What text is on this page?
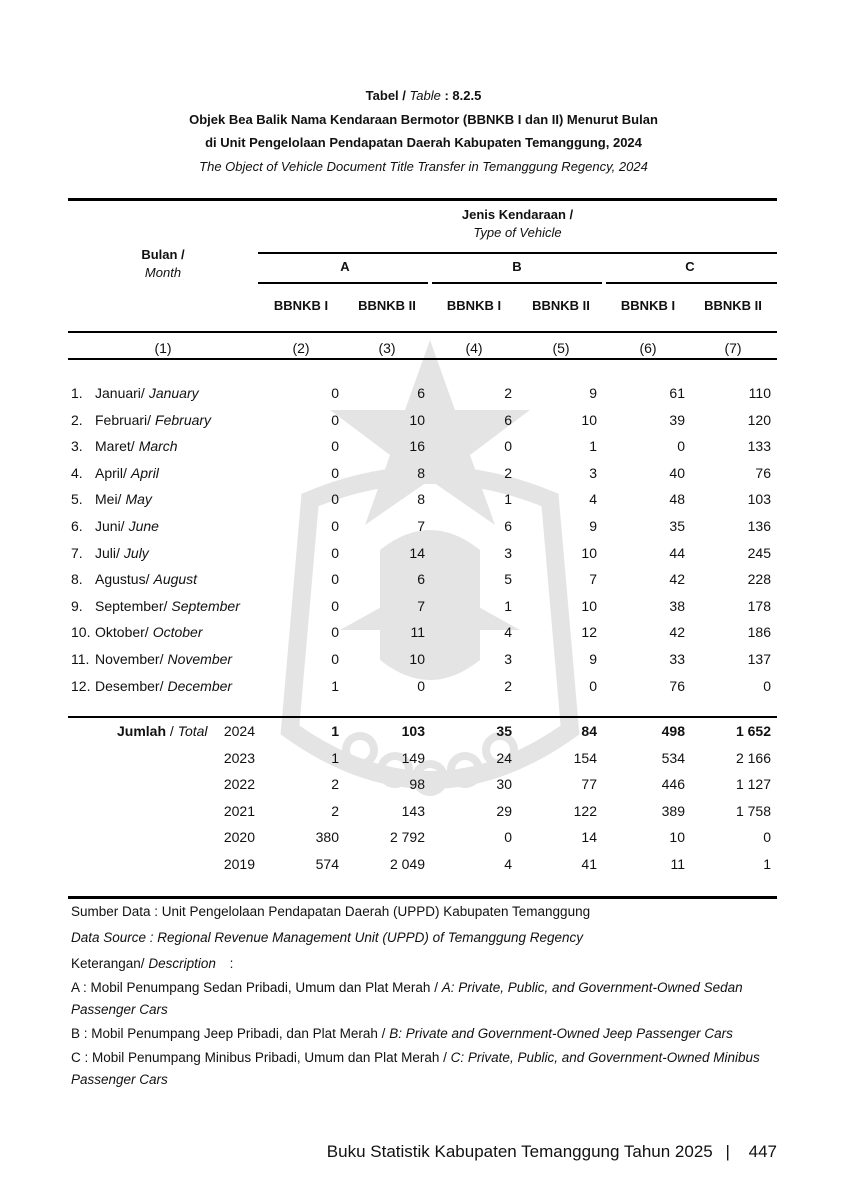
Tabel / Table : 8.2.5
Objek Bea Balik Nama Kendaraan Bermotor (BBNKB I dan II) Menurut Bulan
di Unit Pengelolaan Pendapatan Daerah Kabupaten Temanggung, 2024
The Object of Vehicle Document Title Transfer in Temanggung Regency, 2024
Jenis Kendaraan /
Type of Vehicle
Bulan /
Month	A	B	C
BBNKB I	BBNKB II	BBNKB I	BBNKB II	BBNKB I	BBNKB II
(1)	(2)	(3)	(4)	(5)	(6)	(7)
1. Januari/ January	0	6	2	9	61	110
2. Februari/ February	0	10	6	10	39	120
3. Maret/ March	0	16	0	1	0	133
4. April/ April	0	8	2	3	40	76
5. Mei/ May	0	8	1	4	48	103
6. Juni/ June	0	7	6	9	35	136
7. Juli/ July	0	14	3	10	44	245
8. Agustus/ August	0	6	5	7	42	228
9. September/ September	0	7	1	10	38	178
10. Oktober/ October	0	11	4	12	42	186
11. November/ November	0	10	3	9	33	137
12. Desember/ December	1	0	2	0	76	0
Jumlah / Total	2024	1	103	35	84	498	1 652
2023	1	149	24	154	534	2 166
2022	2	98	30	77	446	1 127
2021	2	143	29	122	389	1 758
2020	380	2 792	0	14	10	0
2019	574	2 049	4	41	11	1
Sumber Data : Unit Pengelolaan Pendapatan Daerah (UPPD) Kabupaten Temanggung
Data Source : Regional Revenue Management Unit (UPPD) of Temanggung Regency
Keterangan/ Description :
A : Mobil Penumpang Sedan Pribadi, Umum dan Plat Merah / A: Private, Public, and Government-Owned Sedan Passenger Cars
B : Mobil Penumpang Jeep Pribadi, dan Plat Merah / B: Private and Government-Owned Jeep Passenger Cars
C : Mobil Penumpang Minibus Pribadi, Umum dan Plat Merah / C: Private, Public, and Government-Owned Minibus Passenger Cars
Buku Statistik Kabupaten Temanggung Tahun 2025 | 447
